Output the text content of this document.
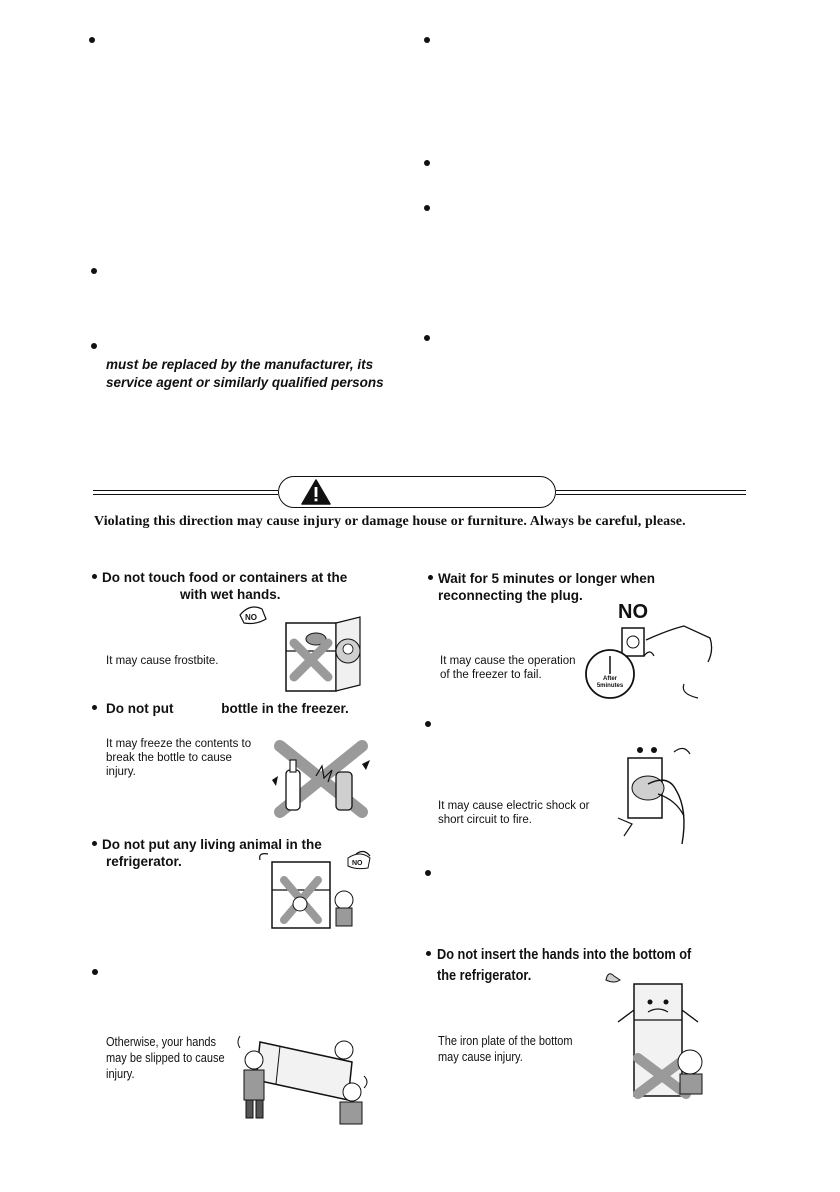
must be replaced by the manufacturer, its
service agent or similarly qualified persons
Violating this direction may cause injury or damage house or furniture. Always be careful, please.
Do not touch food or containers at the
with wet hands.
It may cause frostbite.
NO
Do not put	bottle in the freezer.
It may freeze the contents to
break the bottle to cause
injury.
Do not put any living animal in the
refrigerator.	NO
Otherwise, your hands
may be slipped to cause
injury.
Wait for 5 minutes or longer when
reconnecting the plug.
NO
It may cause the operation
of the freezer to fail.	After
5minutes
It may cause electric shock or
short circuit to fire.
Do not insert the hands into the bottom of
the refrigerator.
The iron plate of the bottom
may cause injury.
